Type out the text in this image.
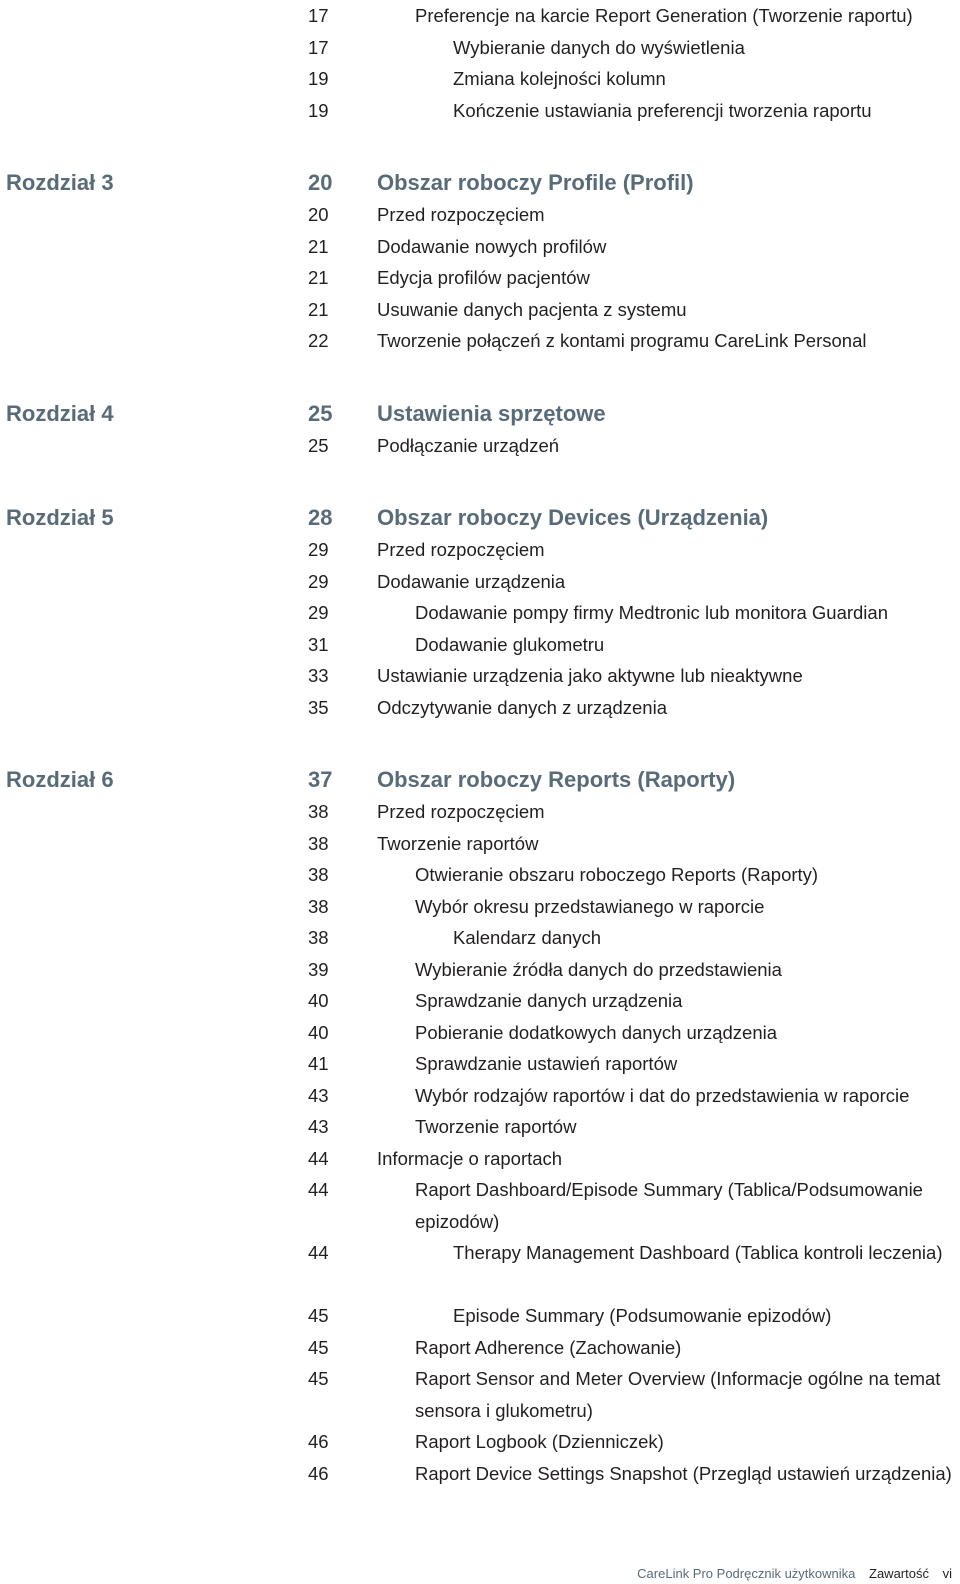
17	Preferencje na karcie Report Generation (Tworzenie raportu)
17	Wybieranie danych do wyświetlenia
19	Zmiana kolejności kolumn
19	Kończenie ustawiania preferencji tworzenia raportu
Rozdział 3	20	Obszar roboczy Profile (Profil)
20	Przed rozpoczęciem
21	Dodawanie nowych profilów
21	Edycja profilów pacjentów
21	Usuwanie danych pacjenta z systemu
22	Tworzenie połączeń z kontami programu CareLink Personal
Rozdział 4	25	Ustawienia sprzętowe
25	Podłączanie urządzeń
Rozdział 5	28	Obszar roboczy Devices (Urządzenia)
29	Przed rozpoczęciem
29	Dodawanie urządzenia
29	Dodawanie pompy firmy Medtronic lub monitora Guardian
31	Dodawanie glukometru
33	Ustawianie urządzenia jako aktywne lub nieaktywne
35	Odczytywanie danych z urządzenia
Rozdział 6	37	Obszar roboczy Reports (Raporty)
38	Przed rozpoczęciem
38	Tworzenie raportów
38	Otwieranie obszaru roboczego Reports (Raporty)
38	Wybór okresu przedstawianego w raporcie
38	Kalendarz danych
39	Wybieranie źródła danych do przedstawienia
40	Sprawdzanie danych urządzenia
40	Pobieranie dodatkowych danych urządzenia
41	Sprawdzanie ustawień raportów
43	Wybór rodzajów raportów i dat do przedstawienia w raporcie
43	Tworzenie raportów
44	Informacje o raportach
44	Raport Dashboard/Episode Summary (Tablica/Podsumowanie epizodów)
44	Therapy Management Dashboard (Tablica kontroli leczenia)
45	Episode Summary (Podsumowanie epizodów)
45	Raport Adherence (Zachowanie)
45	Raport Sensor and Meter Overview (Informacje ogólne na temat sensora i glukometru)
46	Raport Logbook (Dzienniczek)
46	Raport Device Settings Snapshot (Przegląd ustawień urządzenia)
CareLink Pro Podręcznik użytkownika Zawartość vi
